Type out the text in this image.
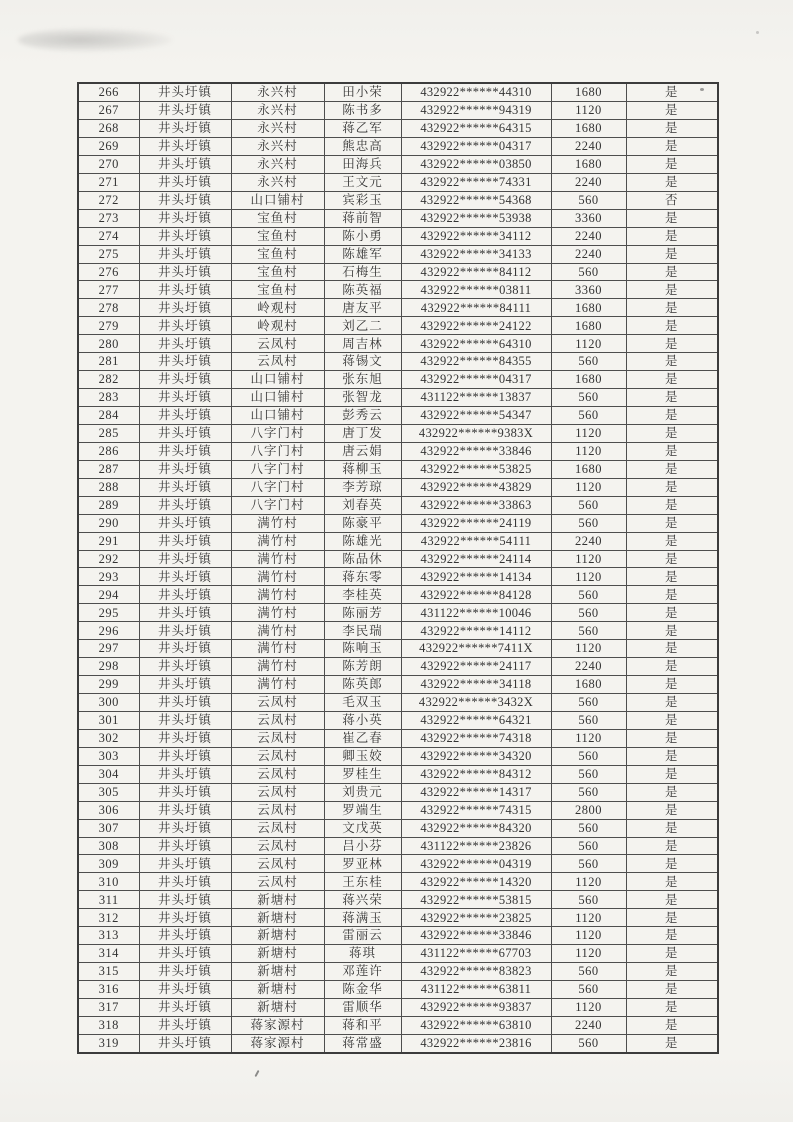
266	井头圩镇	永兴村	田小荣	432922******44310	1680	是
267	井头圩镇	永兴村	陈书多	432922******94319	1120	是
268	井头圩镇	永兴村	蒋乙军	432922******64315	1680	是
269	井头圩镇	永兴村	熊忠高	432922******04317	2240	是
270	井头圩镇	永兴村	田海兵	432922******03850	1680	是
271	井头圩镇	永兴村	王文元	432922******74331	2240	是
272	井头圩镇	山口铺村	宾彩玉	432922******54368	560	否
273	井头圩镇	宝鱼村	蒋前智	432922******53938	3360	是
274	井头圩镇	宝鱼村	陈小勇	432922******34112	2240	是
275	井头圩镇	宝鱼村	陈雄军	432922******34133	2240	是
276	井头圩镇	宝鱼村	石梅生	432922******84112	560	是
277	井头圩镇	宝鱼村	陈英福	432922******03811	3360	是
278	井头圩镇	岭观村	唐友平	432922******84111	1680	是
279	井头圩镇	岭观村	刘乙二	432922******24122	1680	是
280	井头圩镇	云凤村	周吉林	432922******64310	1120	是
281	井头圩镇	云凤村	蒋锡文	432922******84355	560	是
282	井头圩镇	山口铺村	张东旭	432922******04317	1680	是
283	井头圩镇	山口铺村	张智龙	431122******13837	560	是
284	井头圩镇	山口铺村	彭秀云	432922******54347	560	是
285	井头圩镇	八字门村	唐丁发	432922******9383X	1120	是
286	井头圩镇	八字门村	唐云娟	432922******33846	1120	是
287	井头圩镇	八字门村	蒋柳玉	432922******53825	1680	是
288	井头圩镇	八字门村	李芳琼	432922******43829	1120	是
289	井头圩镇	八字门村	刘春英	432922******33863	560	是
290	井头圩镇	满竹村	陈豪平	432922******24119	560	是
291	井头圩镇	满竹村	陈雄光	432922******54111	2240	是
292	井头圩镇	满竹村	陈品休	432922******24114	1120	是
293	井头圩镇	满竹村	蒋东零	432922******14134	1120	是
294	井头圩镇	满竹村	李桂英	432922******84128	560	是
295	井头圩镇	满竹村	陈丽芳	431122******10046	560	是
296	井头圩镇	满竹村	李民瑞	432922******14112	560	是
297	井头圩镇	满竹村	陈响玉	432922******7411X	1120	是
298	井头圩镇	满竹村	陈芳朗	432922******24117	2240	是
299	井头圩镇	满竹村	陈英郎	432922******34118	1680	是
300	井头圩镇	云凤村	毛双玉	432922******3432X	560	是
301	井头圩镇	云凤村	蒋小英	432922******64321	560	是
302	井头圩镇	云凤村	崔乙春	432922******74318	1120	是
303	井头圩镇	云凤村	卿玉姣	432922******34320	560	是
304	井头圩镇	云凤村	罗桂生	432922******84312	560	是
305	井头圩镇	云凤村	刘贵元	432922******14317	560	是
306	井头圩镇	云凤村	罗端生	432922******74315	2800	是
307	井头圩镇	云凤村	文戊英	432922******84320	560	是
308	井头圩镇	云凤村	吕小芬	431122******23826	560	是
309	井头圩镇	云凤村	罗亚林	432922******04319	560	是
310	井头圩镇	云凤村	王东桂	432922******14320	1120	是
311	井头圩镇	新塘村	蒋兴荣	432922******53815	560	是
312	井头圩镇	新塘村	蒋满玉	432922******23825	1120	是
313	井头圩镇	新塘村	雷丽云	432922******33846	1120	是
314	井头圩镇	新塘村	蒋琪	431122******67703	1120	是
315	井头圩镇	新塘村	邓莲许	432922******83823	560	是
316	井头圩镇	新塘村	陈金华	431122******63811	560	是
317	井头圩镇	新塘村	雷顺华	432922******93837	1120	是
318	井头圩镇	蒋家源村	蒋和平	432922******63810	2240	是
319	井头圩镇	蒋家源村	蒋常盛	432922******23816	560	是
